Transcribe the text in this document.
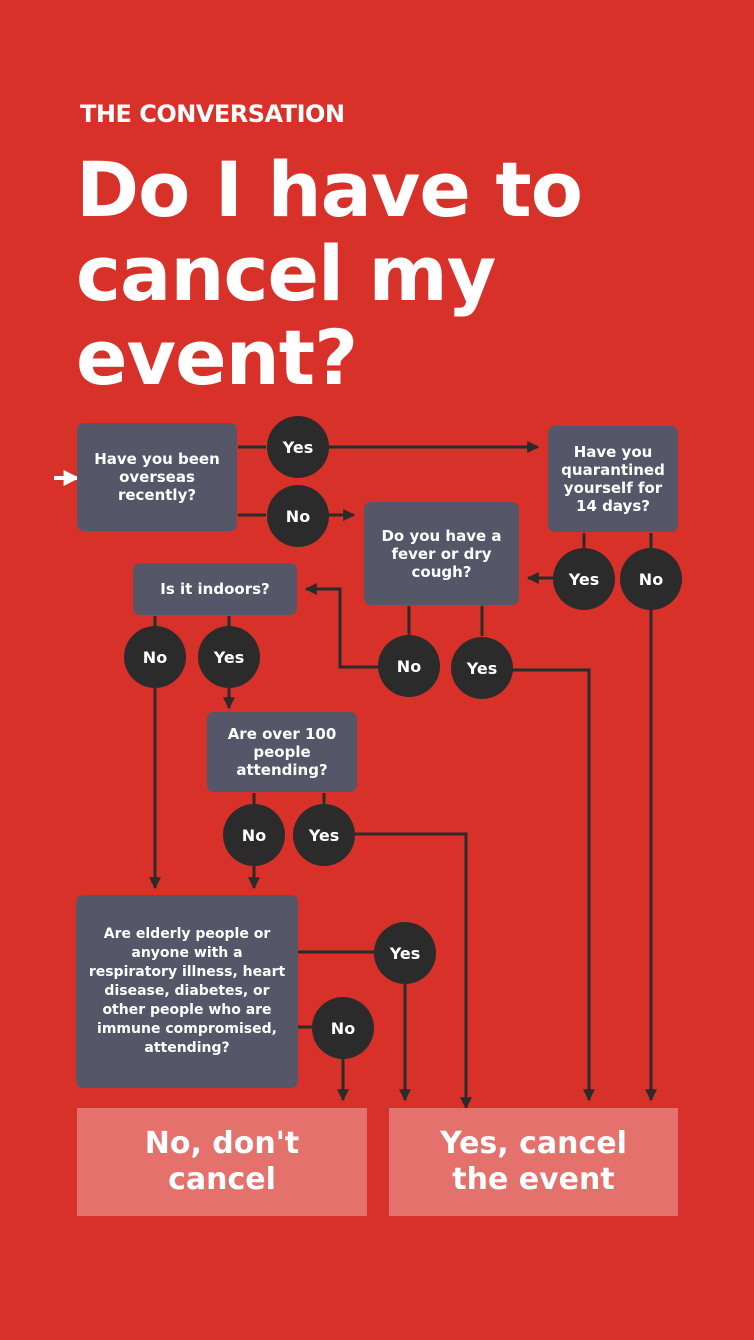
THE CONVERSATION
Do I have to
cancel my
event?
Have you been overseas recently?
Have you quarantined yourself for 14 days?
Do you have a fever or dry cough?
Is it indoors?
Are over 100 people attending?
Are elderly people or anyone with a respiratory illness, heart disease, diabetes, or other people who are immune compromised, attending?
Yes
No
Yes	No
No	Yes
No	Yes
No	Yes
Yes
No
No, don't cancel
Yes, cancel the event
